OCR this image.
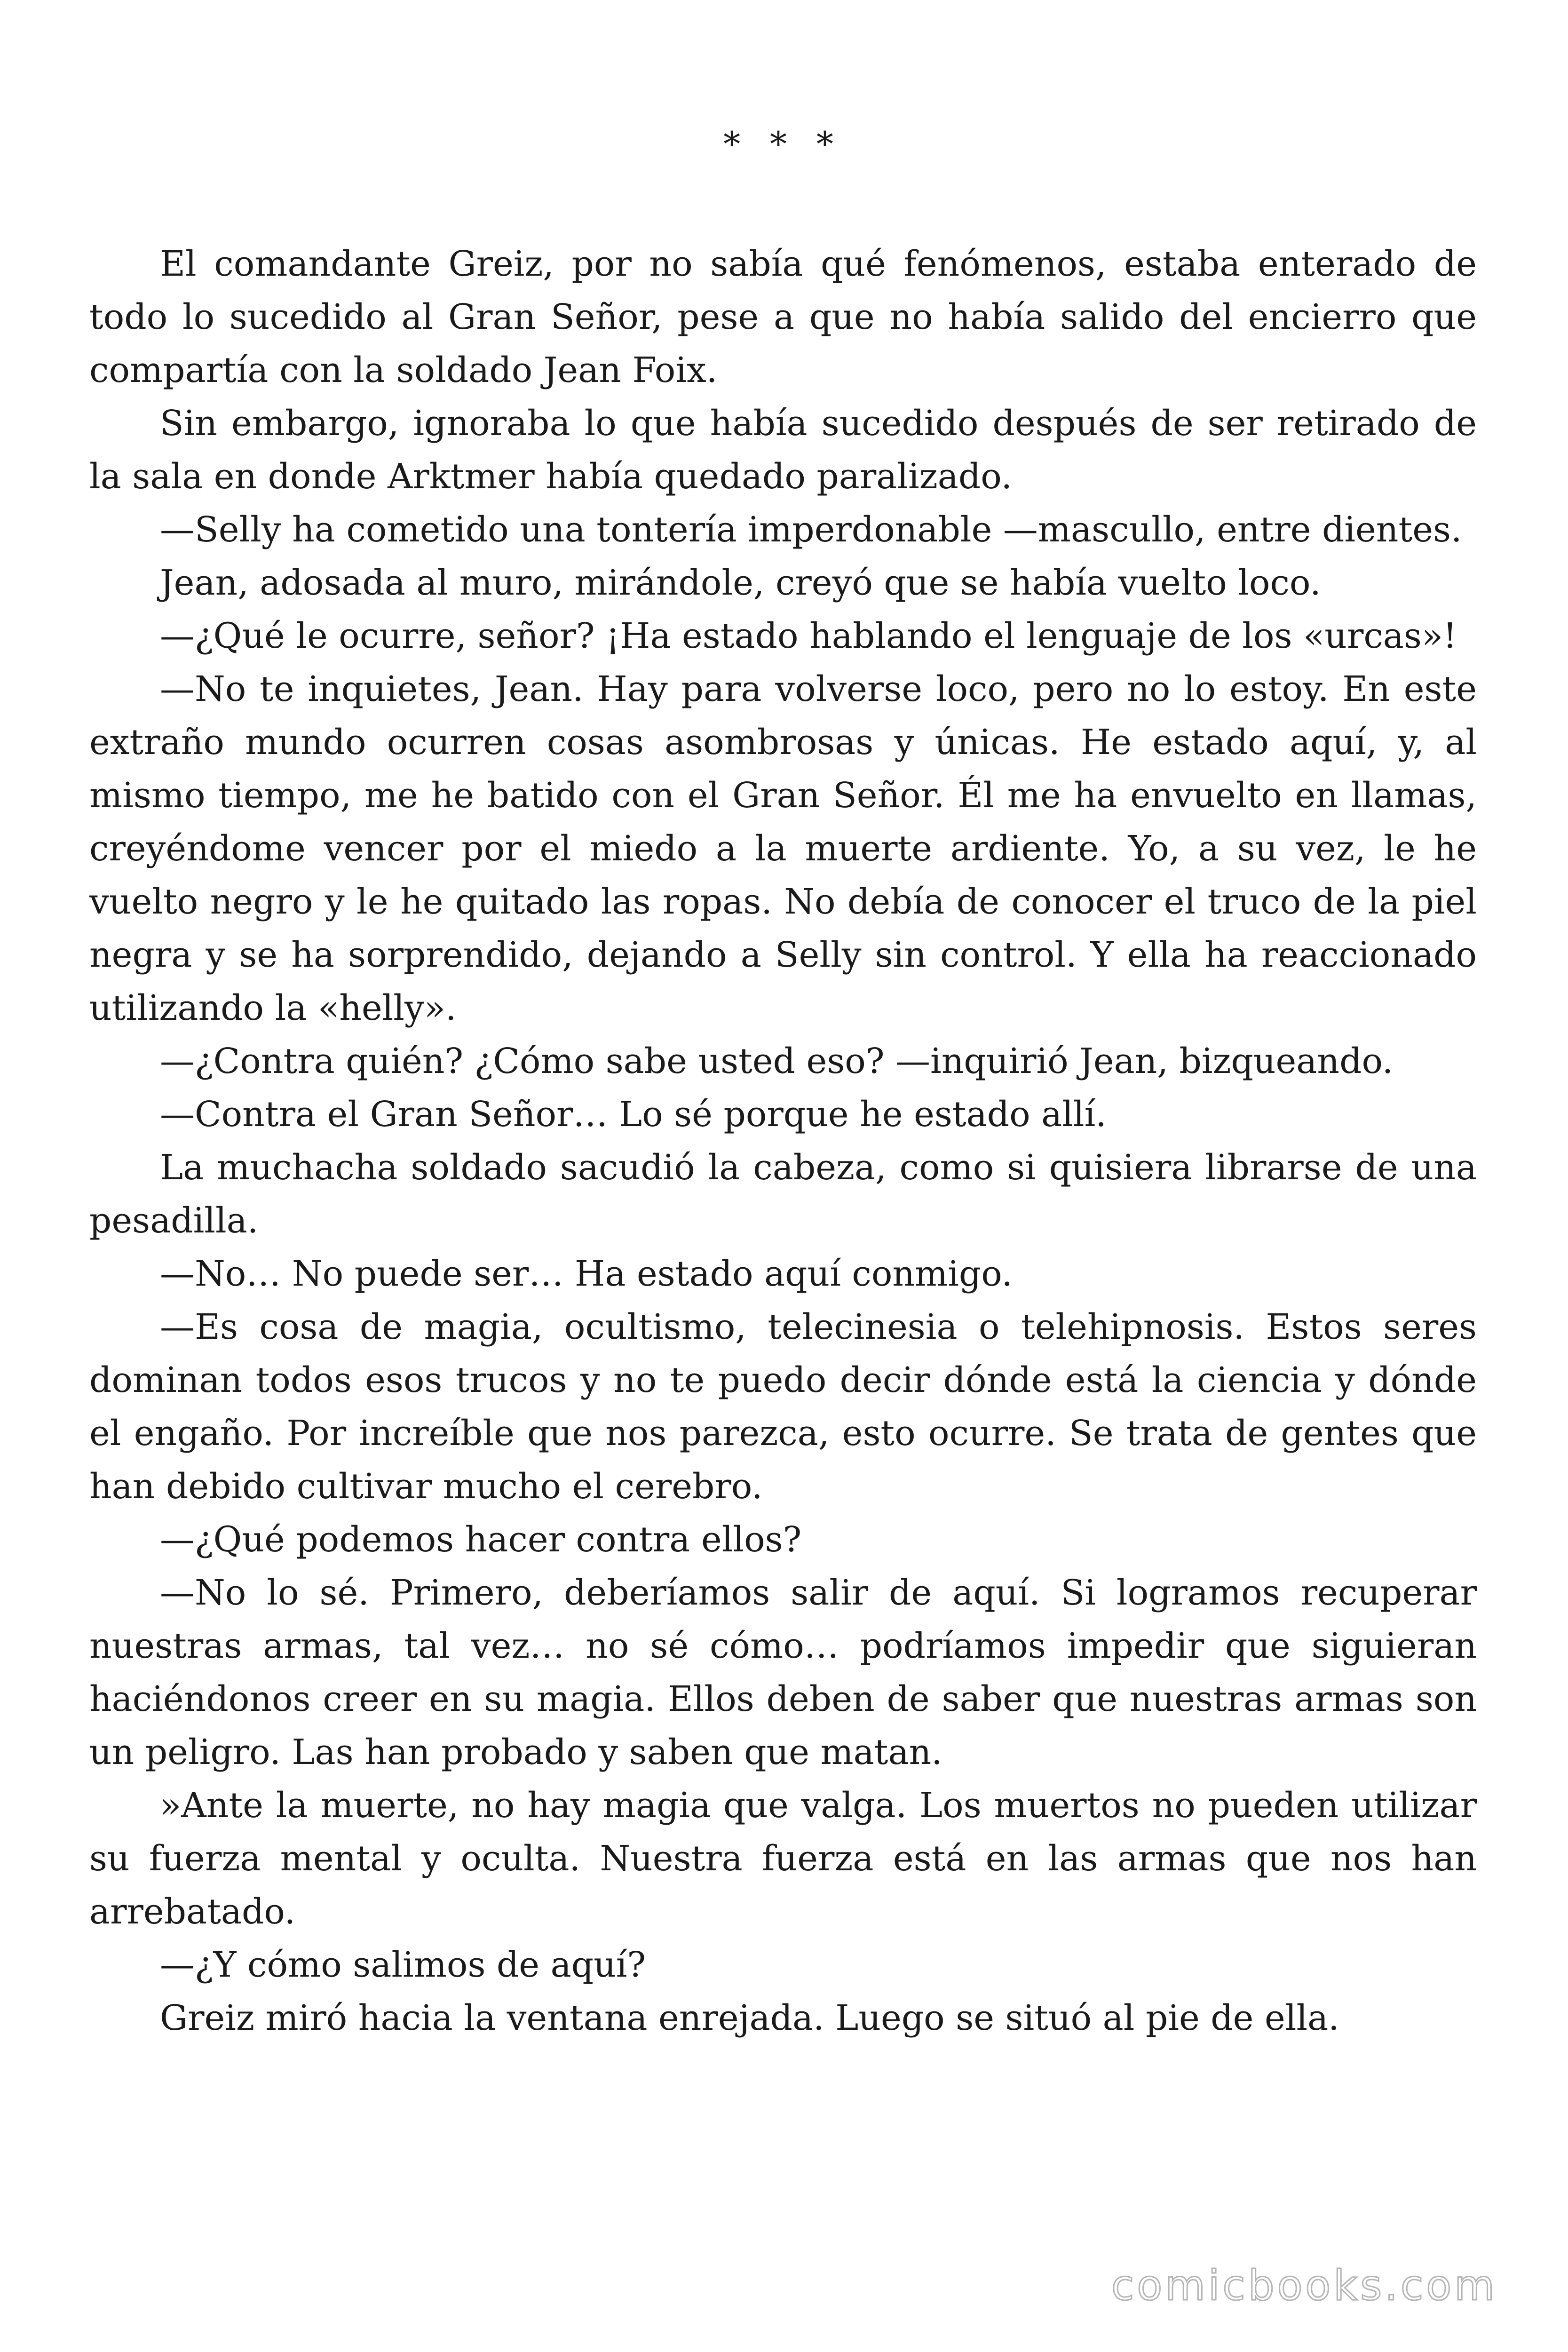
* * *

El comandante Greiz, por no sabía qué fenómenos, estaba enterado de todo lo sucedido al Gran Señor, pese a que no había salido del encierro que compartía con la soldado Jean Foix.

Sin embargo, ignoraba lo que había sucedido después de ser retirado de la sala en donde Arktmer había quedado paralizado.

—Selly ha cometido una tontería imperdonable —mascullo, entre dientes.

Jean, adosada al muro, mirándole, creyó que se había vuelto loco.

—¿Qué le ocurre, señor? ¡Ha estado hablando el lenguaje de los «urcas»!

—No te inquietes, Jean. Hay para volverse loco, pero no lo estoy. En este extraño mundo ocurren cosas asombrosas y únicas. He estado aquí, y, al mismo tiempo, me he batido con el Gran Señor. Él me ha envuelto en llamas, creyéndome vencer por el miedo a la muerte ardiente. Yo, a su vez, le he vuelto negro y le he quitado las ropas. No debía de conocer el truco de la piel negra y se ha sorprendido, dejando a Selly sin control. Y ella ha reaccionado utilizando la «helly».

—¿Contra quién? ¿Cómo sabe usted eso? —inquirió Jean, bizqueando.

—Contra el Gran Señor… Lo sé porque he estado allí.

La muchacha soldado sacudió la cabeza, como si quisiera librarse de una pesadilla.

—No… No puede ser… Ha estado aquí conmigo.

—Es cosa de magia, ocultismo, telecinesia o telehipnosis. Estos seres dominan todos esos trucos y no te puedo decir dónde está la ciencia y dónde el engaño. Por increíble que nos parezca, esto ocurre. Se trata de gentes que han debido cultivar mucho el cerebro.

—¿Qué podemos hacer contra ellos?

—No lo sé. Primero, deberíamos salir de aquí. Si logramos recuperar nuestras armas, tal vez… no sé cómo… podríamos impedir que siguieran haciéndonos creer en su magia. Ellos deben de saber que nuestras armas son un peligro. Las han probado y saben que matan.

»Ante la muerte, no hay magia que valga. Los muertos no pueden utilizar su fuerza mental y oculta. Nuestra fuerza está en las armas que nos han arrebatado.

—¿Y cómo salimos de aquí?

Greiz miró hacia la ventana enrejada. Luego se situó al pie de ella.

comicbooks.com
